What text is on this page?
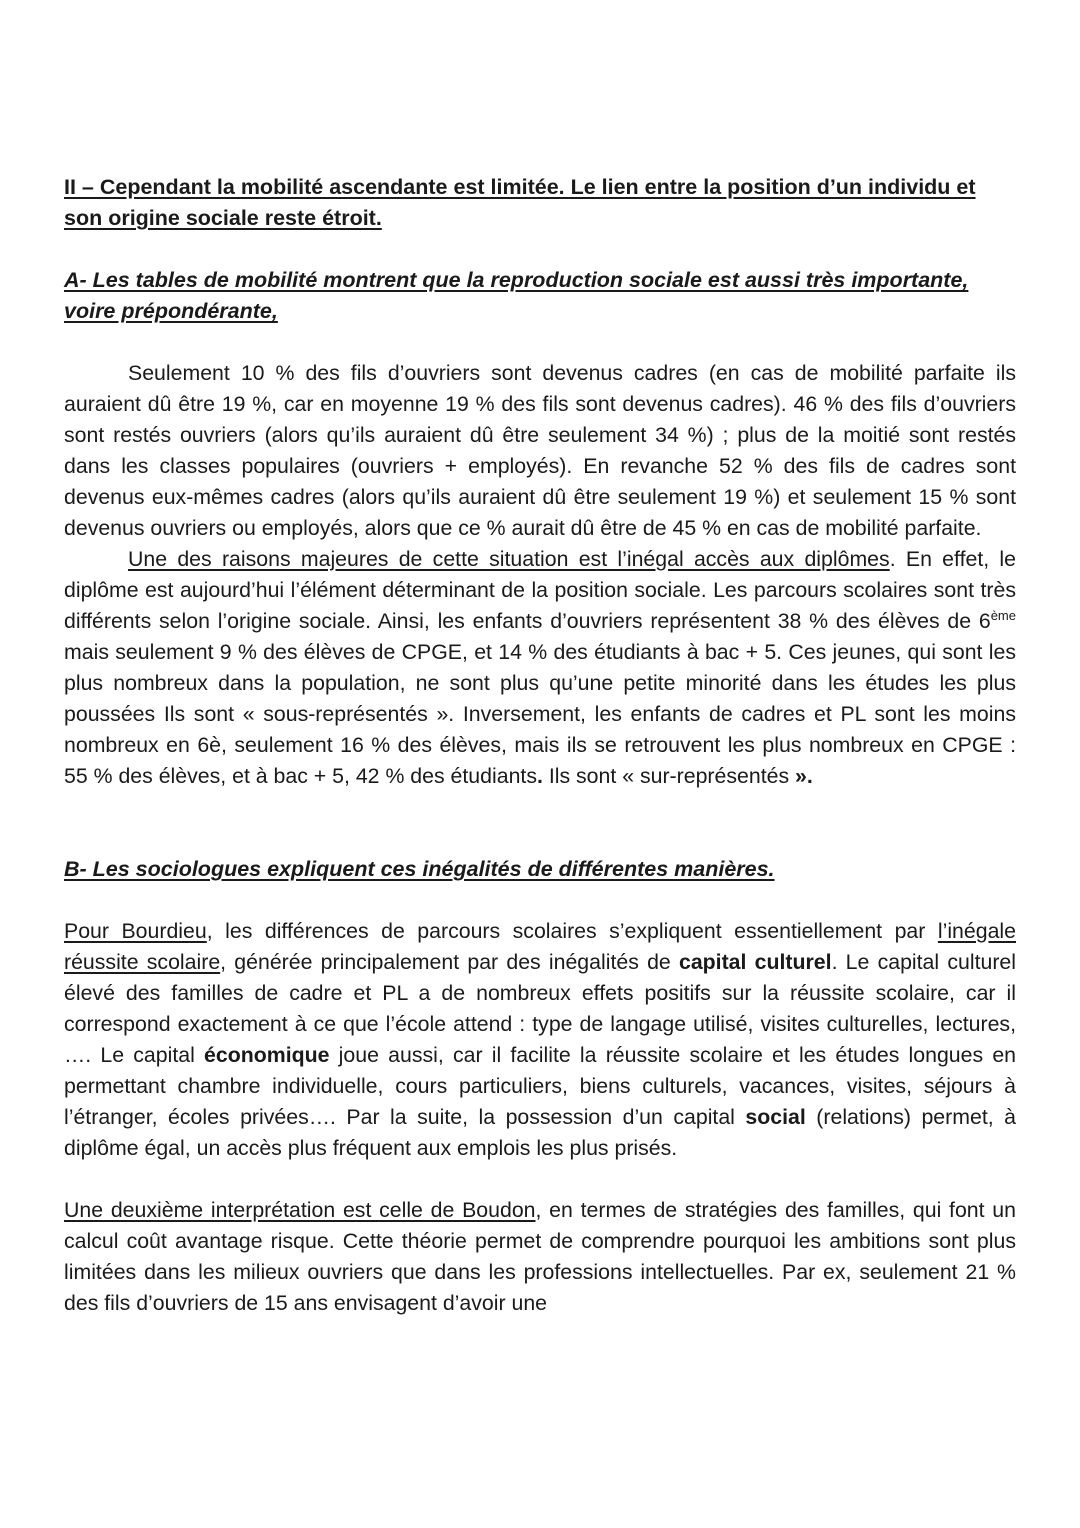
II – Cependant la mobilité ascendante est limitée. Le lien entre la position d’un individu et son origine sociale reste étroit.
A- Les tables de mobilité montrent que la reproduction sociale est aussi très importante, voire prépondérante,

Seulement 10 % des fils d’ouvriers sont devenus cadres (en cas de mobilité parfaite ils auraient dû être 19 %, car en moyenne 19 % des fils sont devenus cadres). 46 % des fils d’ouvriers sont restés ouvriers (alors qu’ils auraient dû être seulement 34 %) ; plus de la moitié sont restés dans les classes populaires (ouvriers + employés). En revanche 52 % des fils de cadres sont devenus eux-mêmes cadres (alors qu’ils auraient dû être seulement 19 %) et seulement 15 % sont devenus ouvriers ou employés, alors que ce % aurait dû être de 45 % en cas de mobilité parfaite.

Une des raisons majeures de cette situation est l’inégal accès aux diplômes. En effet, le diplôme est aujourd’hui l’élément déterminant de la position sociale. Les parcours scolaires sont très différents selon l’origine sociale. Ainsi, les enfants d’ouvriers représentent 38 % des élèves de 6ème mais seulement 9 % des élèves de CPGE, et 14 % des étudiants à bac + 5. Ces jeunes, qui sont les plus nombreux dans la population, ne sont plus qu’une petite minorité dans les études les plus poussées Ils sont « sous-représentés ». Inversement, les enfants de cadres et PL sont les moins nombreux en 6è, seulement 16 % des élèves, mais ils se retrouvent les plus nombreux en CPGE : 55 % des élèves, et à bac + 5, 42 % des étudiants. Ils sont « sur-représentés ».

B- Les sociologues expliquent ces inégalités de différentes manières.

Pour Bourdieu, les différences de parcours scolaires s’expliquent essentiellement par l’inégale réussite scolaire, générée principalement par des inégalités de capital culturel. Le capital culturel élevé des familles de cadre et PL a de nombreux effets positifs sur la réussite scolaire, car il correspond exactement à ce que l’école attend : type de langage utilisé, visites culturelles, lectures, …. Le capital économique joue aussi, car il facilite la réussite scolaire et les études longues en permettant chambre individuelle, cours particuliers, biens culturels, vacances, visites, séjours à l’étranger, écoles privées…. Par la suite, la possession d’un capital social (relations) permet, à diplôme égal, un accès plus fréquent aux emplois les plus prisés.

Une deuxième interprétation est celle de Boudon, en termes de stratégies des familles, qui font un calcul coût avantage risque. Cette théorie permet de comprendre pourquoi les ambitions sont plus limitées dans les milieux ouvriers que dans les professions intellectuelles. Par ex, seulement 21 % des fils d’ouvriers de 15 ans envisagent d’avoir une
